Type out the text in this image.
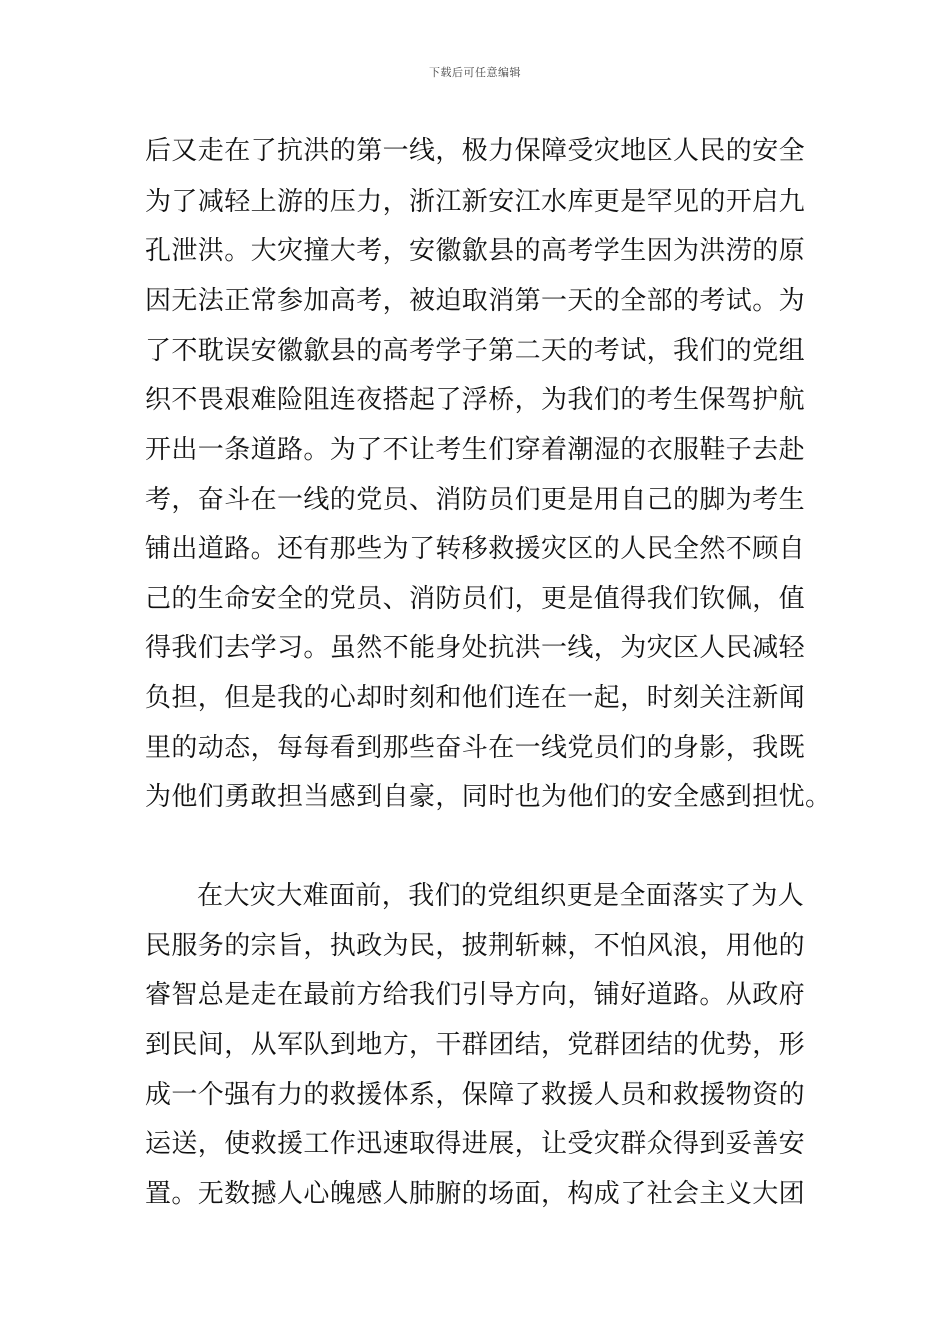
下载后可任意编辑
后又走在了抗洪的第一线，极力保障受灾地区人民的安全
为了减轻上游的压力，浙江新安江水库更是罕见的开启九
孔泄洪。大灾撞大考，安徽歙县的高考学生因为洪涝的原
因无法正常参加高考，被迫取消第一天的全部的考试。为
了不耽误安徽歙县的高考学子第二天的考试，我们的党组
织不畏艰难险阻连夜搭起了浮桥，为我们的考生保驾护航
开出一条道路。为了不让考生们穿着潮湿的衣服鞋子去赴
考，奋斗在一线的党员、消防员们更是用自己的脚为考生
铺出道路。还有那些为了转移救援灾区的人民全然不顾自
己的生命安全的党员、消防员们，更是值得我们钦佩，值
得我们去学习。虽然不能身处抗洪一线，为灾区人民减轻
负担，但是我的心却时刻和他们连在一起，时刻关注新闻
里的动态，每每看到那些奋斗在一线党员们的身影，我既
为他们勇敢担当感到自豪，同时也为他们的安全感到担忧。
在大灾大难面前，我们的党组织更是全面落实了为人
民服务的宗旨，执政为民，披荆斩棘，不怕风浪，用他的
睿智总是走在最前方给我们引导方向，铺好道路。从政府
到民间，从军队到地方，干群团结，党群团结的优势，形
成一个强有力的救援体系，保障了救援人员和救援物资的
运送，使救援工作迅速取得进展，让受灾群众得到妥善安
置。无数撼人心魄感人肺腑的场面，构成了社会主义大团
